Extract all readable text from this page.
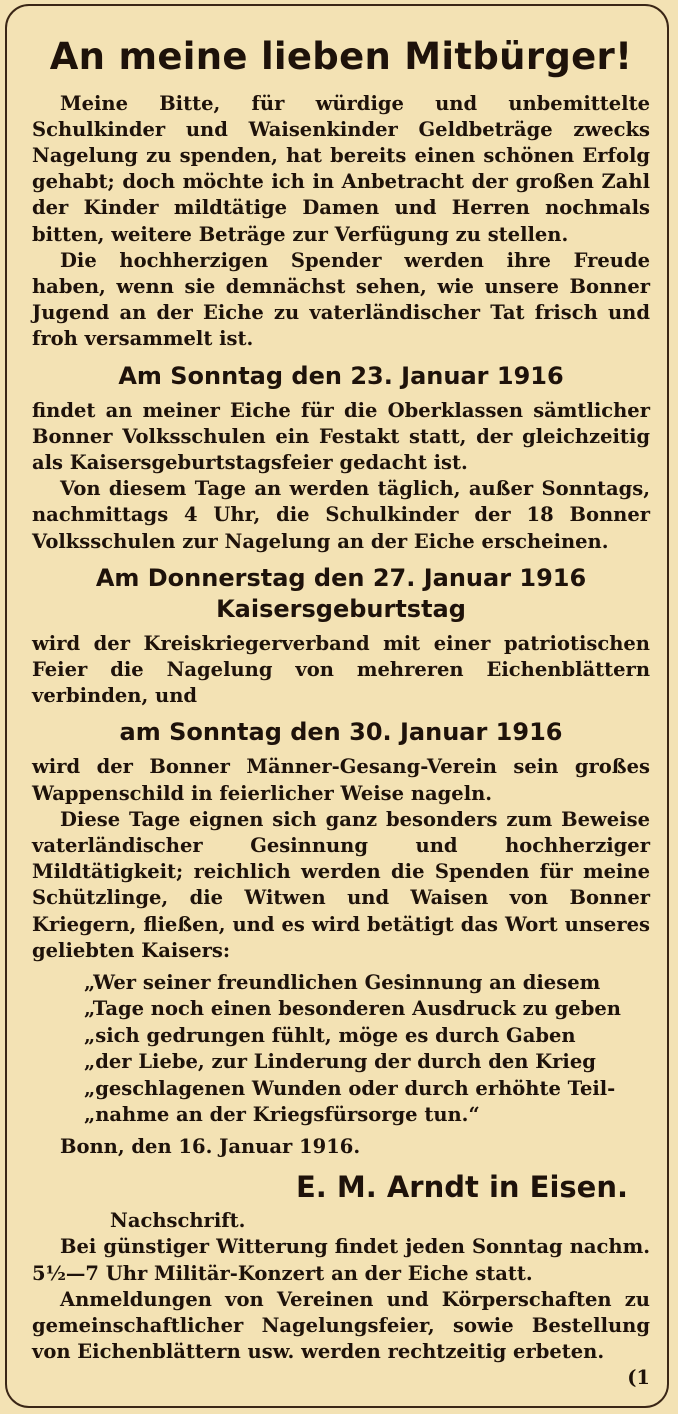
An meine lieben Mitbürger!

Meine Bitte, für würdige und unbemittelte Schulkinder und Waisenkinder Geldbeträge zwecks Nagelung zu spenden, hat bereits einen schönen Erfolg gehabt; doch möchte ich in Anbetracht der großen Zahl der Kinder mildtätige Damen und Herren nochmals bitten, weitere Beträge zur Verfügung zu stellen.

Die hochherzigen Spender werden ihre Freude haben, wenn sie demnächst sehen, wie unsere Bonner Jugend an der Eiche zu vaterländischer Tat frisch und froh versammelt ist.

Am Sonntag den 23. Januar 1916

findet an meiner Eiche für die Oberklassen sämtlicher Bonner Volksschulen ein Festakt statt, der gleichzeitig als Kaisersgeburtstagsfeier gedacht ist.

Von diesem Tage an werden täglich, außer Sonntags, nachmittags 4 Uhr, die Schulkinder der 18 Bonner Volksschulen zur Nagelung an der Eiche erscheinen.

Am Donnerstag den 27. Januar 1916
Kaisersgeburtstag

wird der Kreiskriegerverband mit einer patriotischen Feier die Nagelung von mehreren Eichenblättern verbinden, und

am Sonntag den 30. Januar 1916

wird der Bonner Männer-Gesang-Verein sein großes Wappenschild in feierlicher Weise nageln.

Diese Tage eignen sich ganz besonders zum Beweise vaterländischer Gesinnung und hochherziger Mildtätigkeit; reichlich werden die Spenden für meine Schützlinge, die Witwen und Waisen von Bonner Kriegern, fließen, und es wird betätigt das Wort unseres geliebten Kaisers:

„Wer seiner freundlichen Gesinnung an diesem
„Tage noch einen besonderen Ausdruck zu geben
„sich gedrungen fühlt, möge es durch Gaben
„der Liebe, zur Linderung der durch den Krieg
„geschlagenen Wunden oder durch erhöhte Teil-
„nahme an der Kriegsfürsorge tun.“
Bonn, den 16. Januar 1916.
E. M. Arndt in Eisen.
Nachschrift.

Bei günstiger Witterung findet jeden Sonntag nachm. 5½—7 Uhr Militär-Konzert an der Eiche statt.

Anmeldungen von Vereinen und Körperschaften zu gemeinschaftlicher Nagelungsfeier, sowie Bestellung von Eichenblättern usw. werden rechtzeitig erbeten.
(1
